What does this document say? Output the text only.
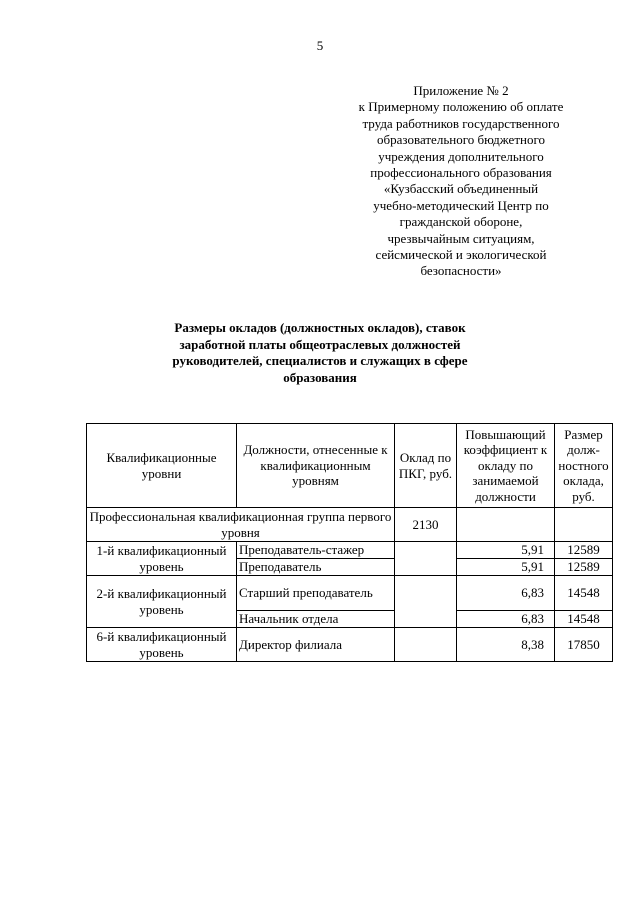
5
Приложение № 2
к Примерному положению об оплате
труда работников государственного
образовательного бюджетного
учреждения дополнительного
профессионального образования
«Кузбасский объединенный
учебно-методический Центр по
гражданской обороне,
чрезвычайным ситуациям,
сейсмической и экологической
безопасности»
Размеры окладов (должностных окладов), ставок
заработной платы общеотраслевых должностей
руководителей, специалистов и служащих в сфере
образования
Квалификационные уровни	Должности, отнесенные к квалификационным уровням	Оклад по ПКГ, руб.	Повышающий коэффициент к окладу по занимаемой должности	Размер долж-ностного оклада, руб.
Профессиональная квалификационная группа первого уровня		2130		
1-й квалификационный уровень	Преподаватель-стажер		5,91	12589
	Преподаватель		5,91	12589
2-й квалификационный уровень	Старший преподаватель		6,83	14548
	Начальник отдела		6,83	14548
6-й квалификационный уровень	Директор филиала		8,38	17850
